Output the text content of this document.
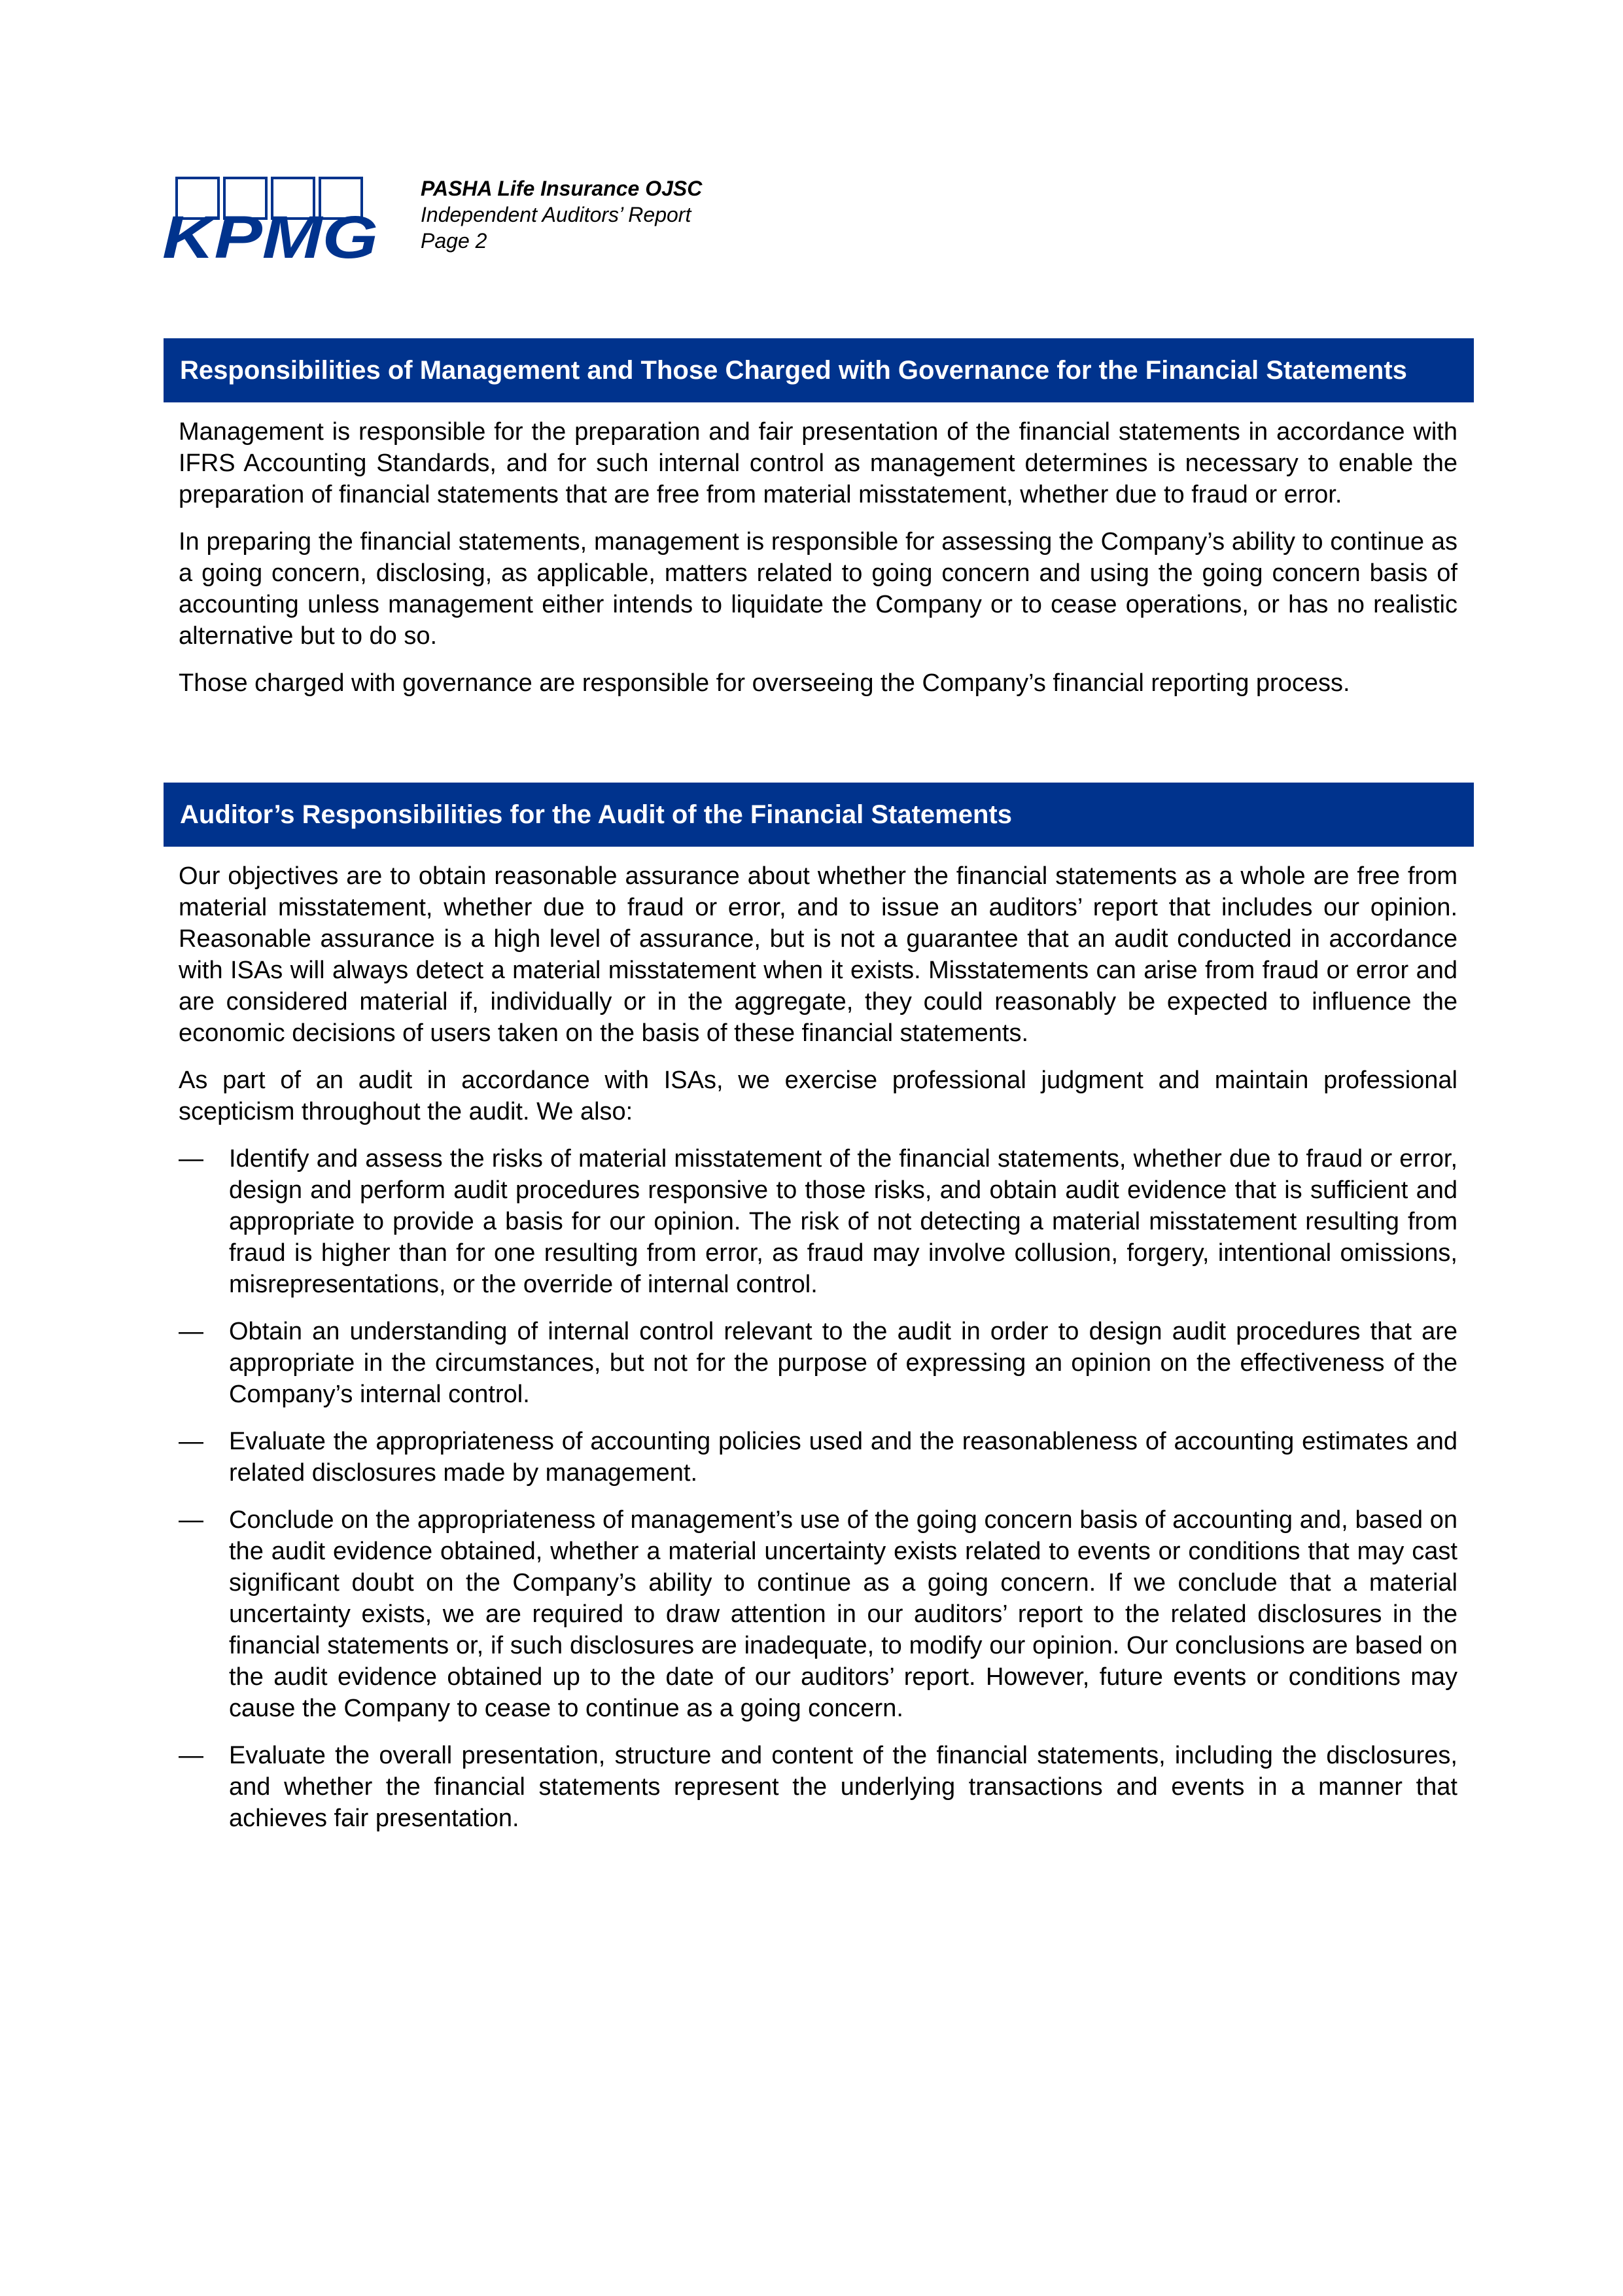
KPMG
PASHA Life Insurance OJSC
Independent Auditors’ Report
Page 2
Responsibilities of Management and Those Charged with Governance for the Financial Statements

Management is responsible for the preparation and fair presentation of the financial statements in accordance with IFRS Accounting Standards, and for such internal control as management determines is necessary to enable the preparation of financial statements that are free from material misstatement, whether due to fraud or error.

In preparing the financial statements, management is responsible for assessing the Company’s ability to continue as a going concern, disclosing, as applicable, matters related to going concern and using the going concern basis of accounting unless management either intends to liquidate the Company or to cease operations, or has no realistic alternative but to do so.

Those charged with governance are responsible for overseeing the Company’s financial reporting process.

Auditor’s Responsibilities for the Audit of the Financial Statements

Our objectives are to obtain reasonable assurance about whether the financial statements as a whole are free from material misstatement, whether due to fraud or error, and to issue an auditors’ report that includes our opinion. Reasonable assurance is a high level of assurance, but is not a guarantee that an audit conducted in accordance with ISAs will always detect a material misstatement when it exists. Misstatements can arise from fraud or error and are considered material if, individually or in the aggregate, they could reasonably be expected to influence the economic decisions of users taken on the basis of these financial statements.

As part of an audit in accordance with ISAs, we exercise professional judgment and maintain professional scepticism throughout the audit. We also:

— Identify and assess the risks of material misstatement of the financial statements, whether due to fraud or error, design and perform audit procedures responsive to those risks, and obtain audit evidence that is sufficient and appropriate to provide a basis for our opinion. The risk of not detecting a material misstatement resulting from fraud is higher than for one resulting from error, as fraud may involve collusion, forgery, intentional omissions, misrepresentations, or the override of internal control.
— Obtain an understanding of internal control relevant to the audit in order to design audit procedures that are appropriate in the circumstances, but not for the purpose of expressing an opinion on the effectiveness of the Company’s internal control.
— Evaluate the appropriateness of accounting policies used and the reasonableness of accounting estimates and related disclosures made by management.
— Conclude on the appropriateness of management’s use of the going concern basis of accounting and, based on the audit evidence obtained, whether a material uncertainty exists related to events or conditions that may cast significant doubt on the Company’s ability to continue as a going concern. If we conclude that a material uncertainty exists, we are required to draw attention in our auditors’ report to the related disclosures in the financial statements or, if such disclosures are inadequate, to modify our opinion. Our conclusions are based on the audit evidence obtained up to the date of our auditors’ report. However, future events or conditions may cause the Company to cease to continue as a going concern.
— Evaluate the overall presentation, structure and content of the financial statements, including the disclosures, and whether the financial statements represent the underlying transactions and events in a manner that achieves fair presentation.
